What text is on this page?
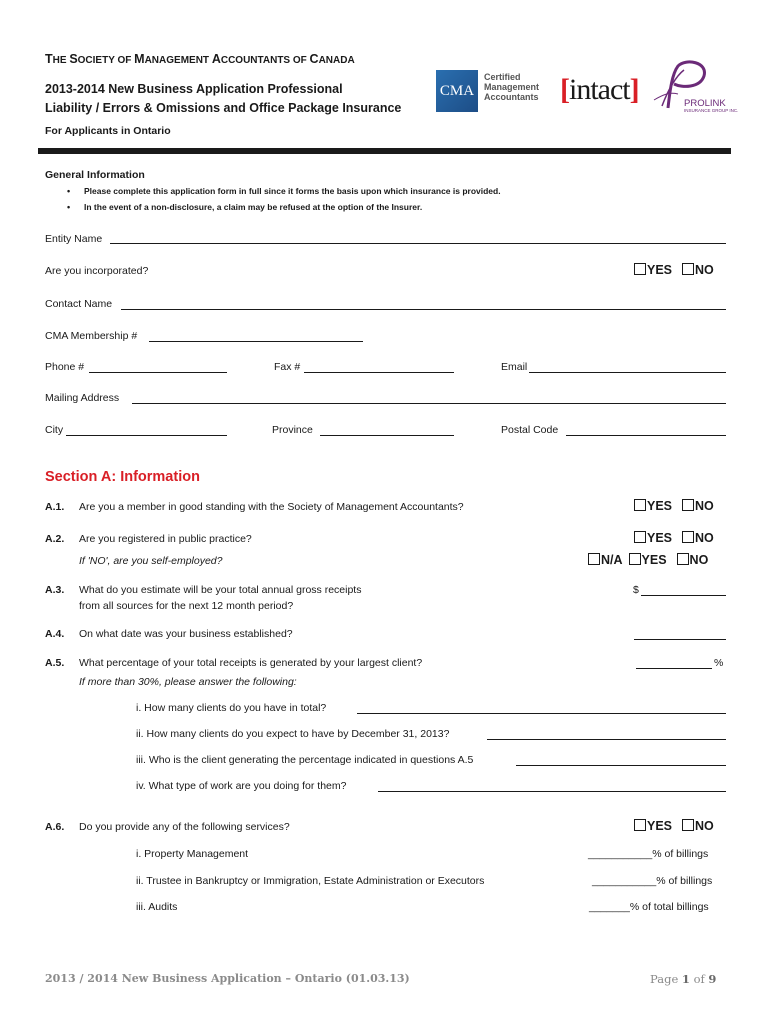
THE SOCIETY OF MANAGEMENT ACCOUNTANTS OF CANADA
2013-2014 New Business Application Professional
Liability / Errors & Omissions and Office Package Insurance
For Applicants in Ontario
CMA
Certified
Management
Accountants [intact]	PROLINK
INSURANCE GROUP INC.
General Information
• Please complete this application form in full since it forms the basis upon which insurance is provided.
• In the event of a non-disclosure, a claim may be refused at the option of the Insurer.
Entity Name
Are you incorporated?	YES NO
Contact Name
CMA Membership #
Phone #	Fax #	Email
Mailing Address
City	Province	Postal Code
Section A: Information
A.1. Are you a member in good standing with the Society of Management Accountants?	YES NO
A.2. Are you registered in public practice?	YES NO
If 'NO', are you self-employed?	N/A YES NO
A.3. What do you estimate will be your total annual gross receipts
from all sources for the next 12 month period?
$
A.4. On what date was your business established?
A.5. What percentage of your total receipts is generated by your largest client?	%
If more than 30%, please answer the following:
i. How many clients do you have in total?
ii. How many clients do you expect to have by December 31, 2013?
iii. Who is the client generating the percentage indicated in questions A.5
iv. What type of work are you doing for them?
A.6. Do you provide any of the following services?	YES NO
i. Property Management	___________% of billings
ii. Trustee in Bankruptcy or Immigration, Estate Administration or Executors	___________% of billings
iii. Audits	_______% of total billings
2013 / 2014 New Business Application – Ontario (01.03.13)	Page 1 of 9
